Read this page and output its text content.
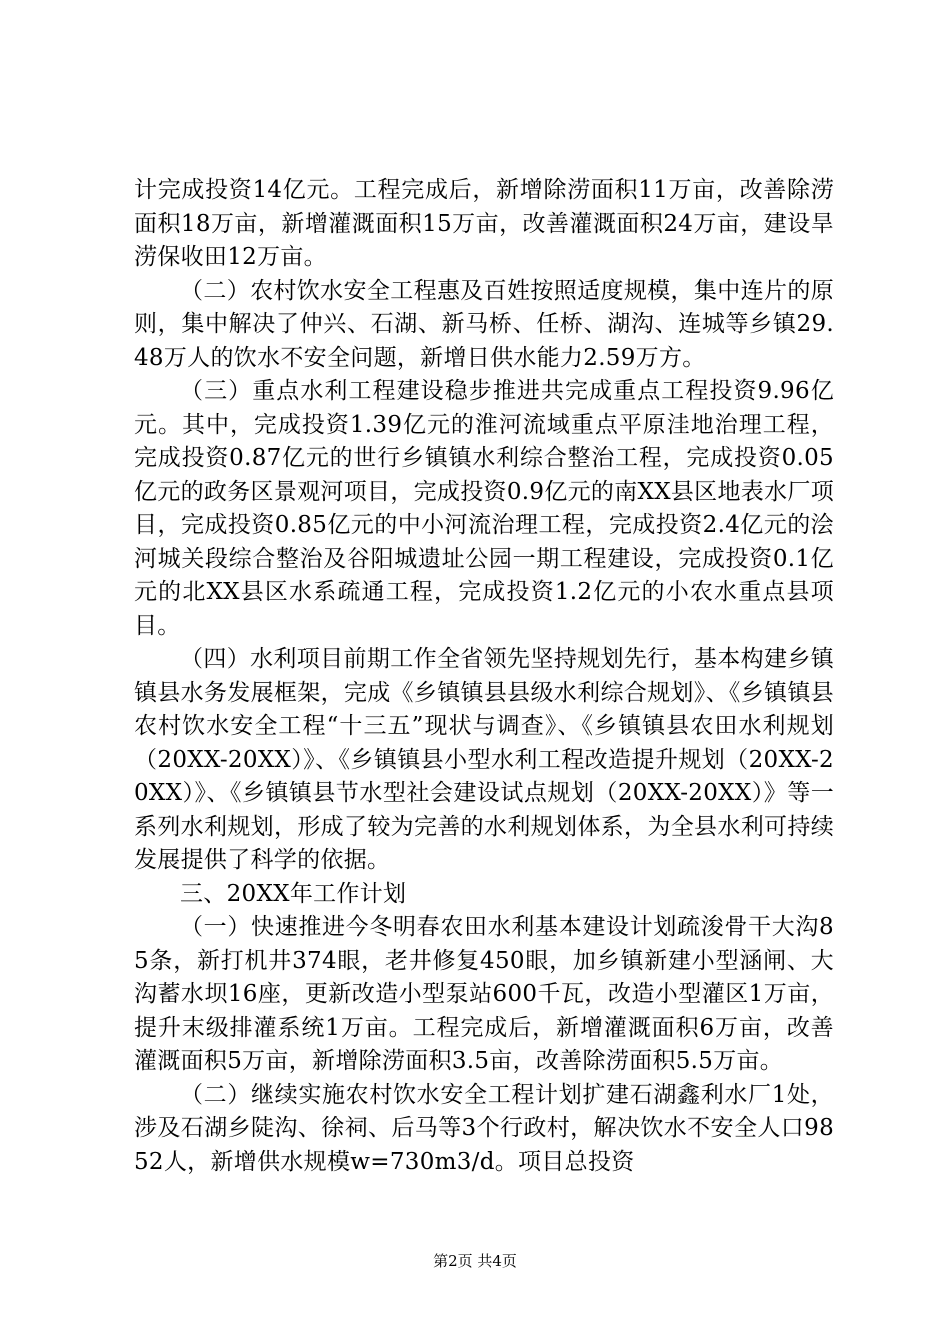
计完成投资14亿元。工程完成后，新增除涝面积11万亩，改善除涝面积18万亩，新增灌溉面积15万亩，改善灌溉面积24万亩，建设旱涝保收田12万亩。

（二）农村饮水安全工程惠及百姓按照适度规模，集中连片的原则，集中解决了仲兴、石湖、新马桥、任桥、湖沟、连城等乡镇29.48万人的饮水不安全问题，新增日供水能力2.59万方。

（三）重点水利工程建设稳步推进共完成重点工程投资9.96亿元。其中，完成投资1.39亿元的淮河流域重点平原洼地治理工程，完成投资0.87亿元的世行乡镇镇水利综合整治工程，完成投资0.05亿元的政务区景观河项目，完成投资0.9亿元的南XX县区地表水厂项目，完成投资0.85亿元的中小河流治理工程，完成投资2.4亿元的浍河城关段综合整治及谷阳城遗址公园一期工程建设，完成投资0.1亿元的北XX县区水系疏通工程，完成投资1.2亿元的小农水重点县项目。

（四）水利项目前期工作全省领先坚持规划先行，基本构建乡镇镇县水务发展框架，完成《乡镇镇县县级水利综合规划》、《乡镇镇县农村饮水安全工程“十三五”现状与调查》、《乡镇镇县农田水利规划（20XX-20XX）》、《乡镇镇县小型水利工程改造提升规划（20XX-20XX）》、《乡镇镇县节水型社会建设试点规划（20XX-20XX）》等一系列水利规划，形成了较为完善的水利规划体系，为全县水利可持续发展提供了科学的依据。

三、20XX年工作计划

（一）快速推进今冬明春农田水利基本建设计划疏浚骨干大沟85条，新打机井374眼，老井修复450眼，加乡镇新建小型涵闸、大沟蓄水坝16座，更新改造小型泵站600千瓦，改造小型灌区1万亩，提升末级排灌系统1万亩。工程完成后，新增灌溉面积6万亩，改善灌溉面积5万亩，新增除涝面积3.5亩，改善除涝面积5.5万亩。

（二）继续实施农村饮水安全工程计划扩建石湖鑫利水厂1处，涉及石湖乡陡沟、徐祠、后马等3个行政村，解决饮水不安全人口9852人，新增供水规模w=730m3/d。项目总投资

第2页 共4页
